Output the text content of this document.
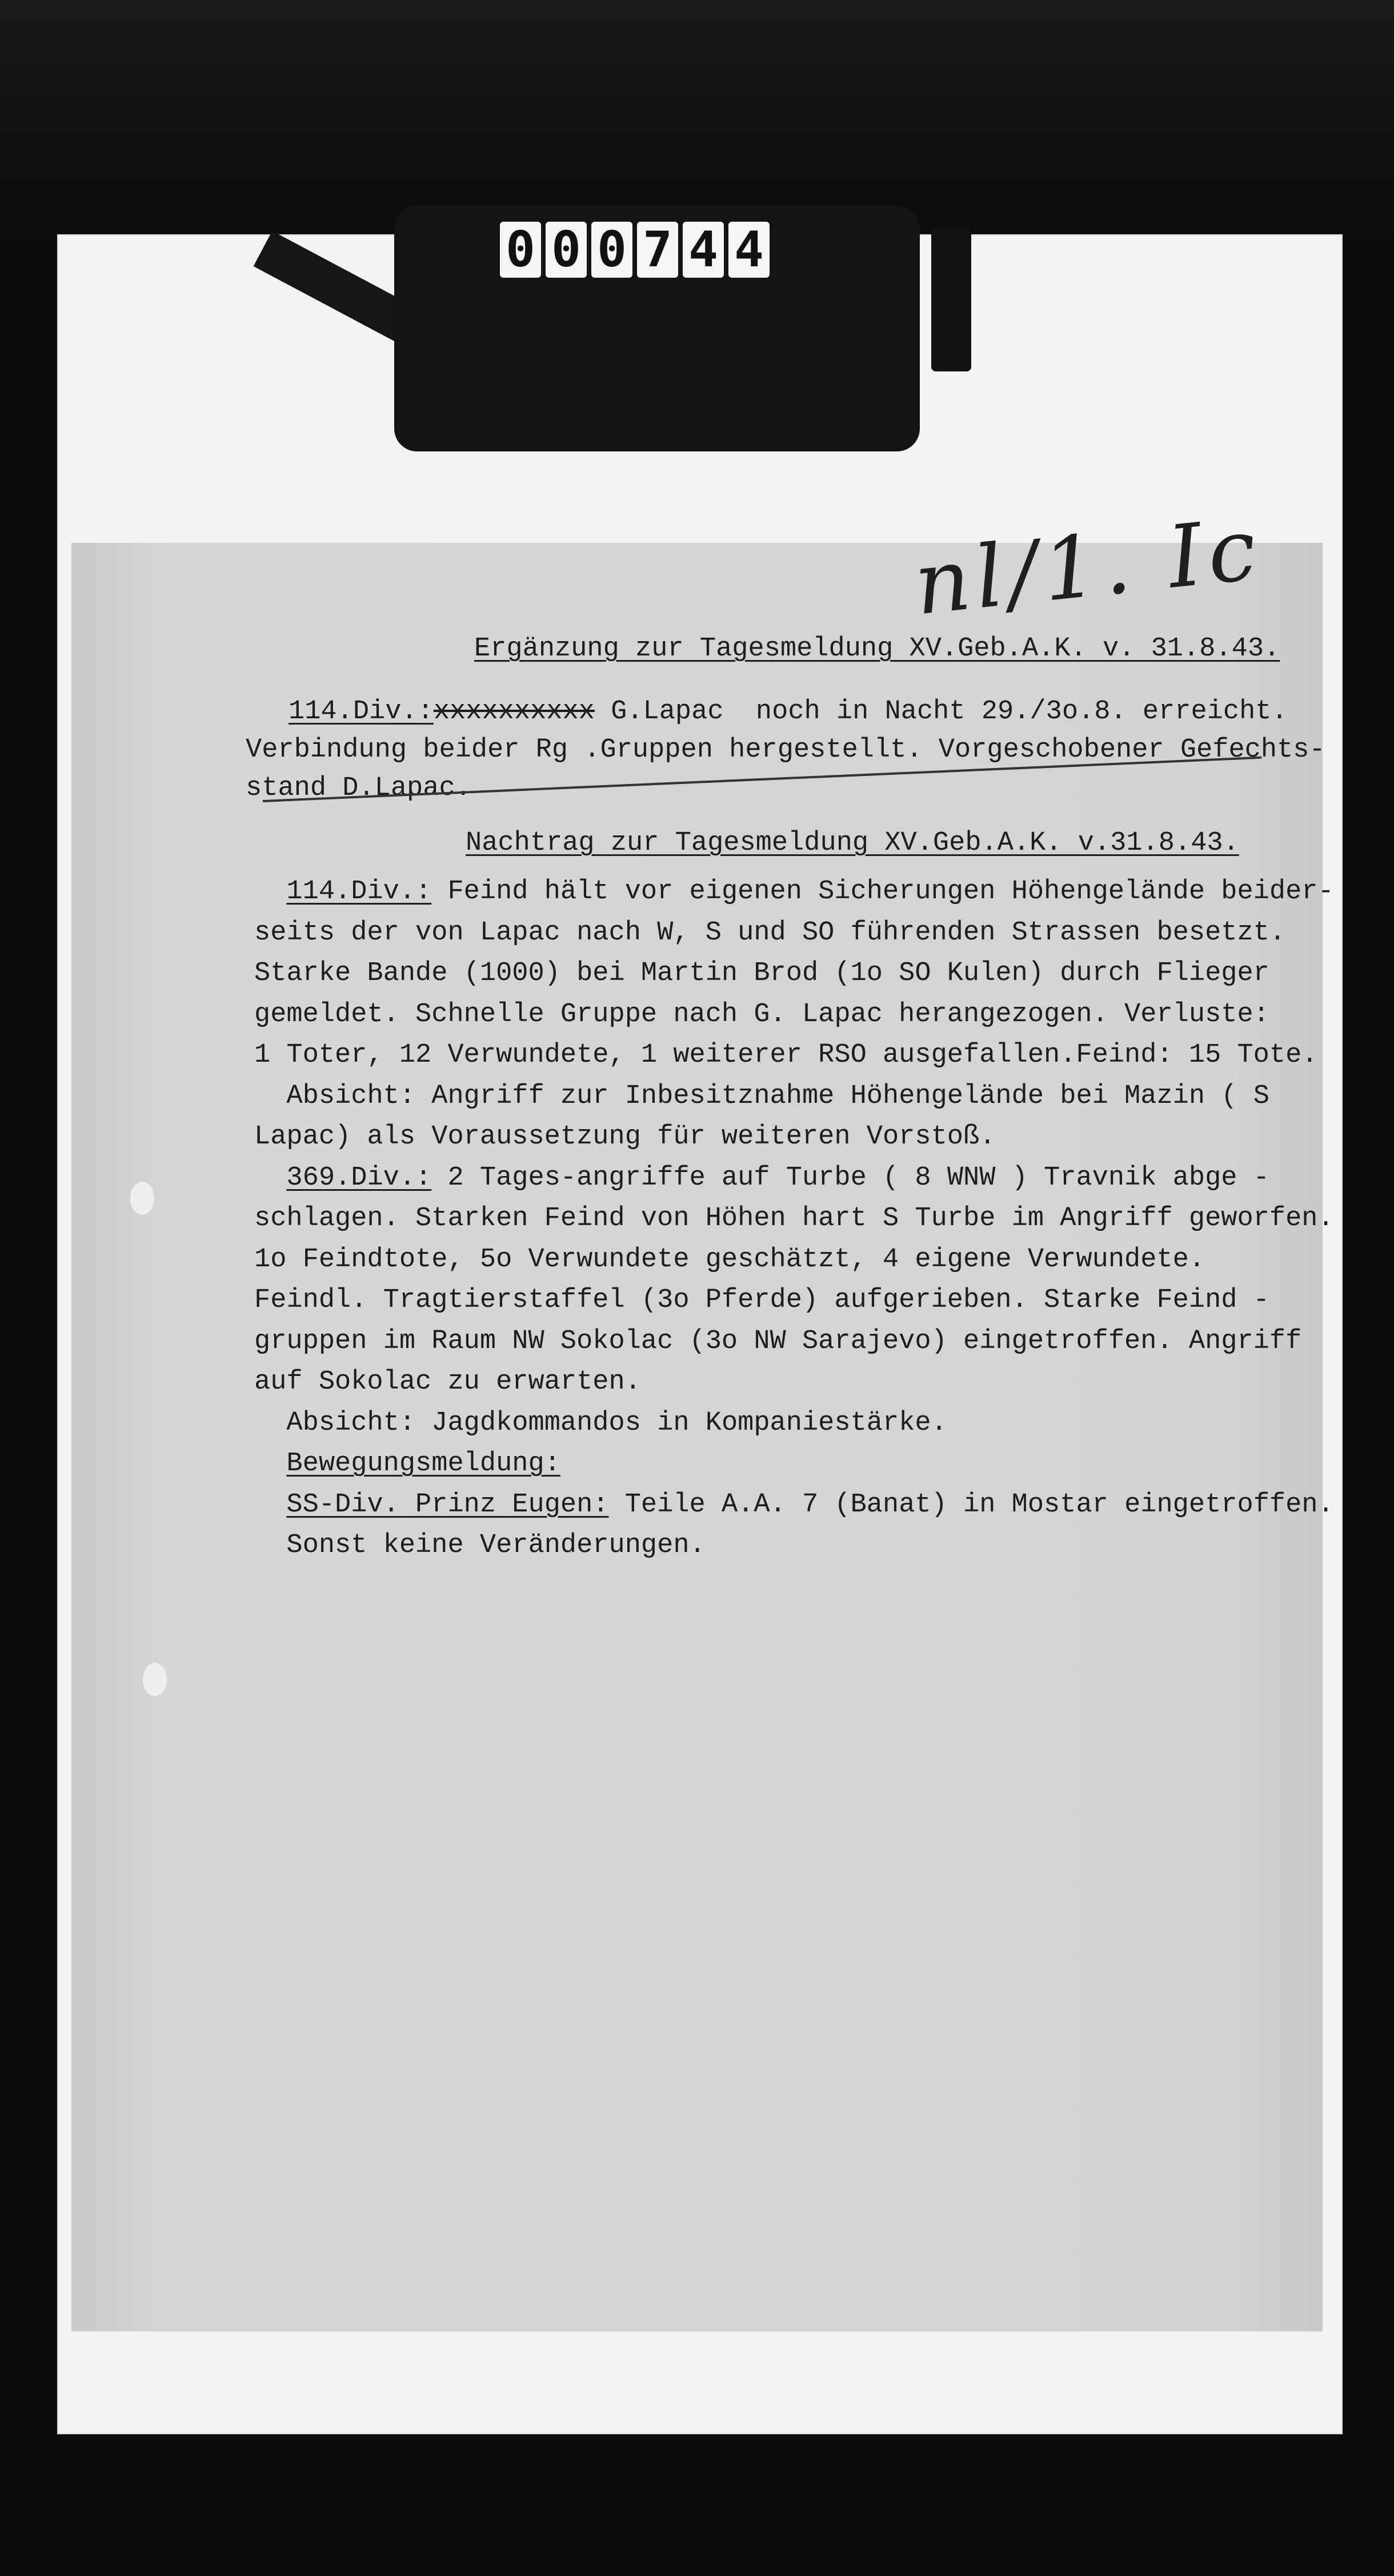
0 0 0 7 4 4
nl/1. Ic
Ergänzung zur Tagesmeldung XV.Geb.A.K. v. 31.8.43.
114.Div.:xxxxxxxxxx G.Lapac  noch in Nacht 29./3o.8. erreicht.
Verbindung beider Rg .Gruppen hergestellt. Vorgeschobener Gefechts-
stand D.Lapac.
Nachtrag zur Tagesmeldung XV.Geb.A.K. v.31.8.43.
114.Div.: Feind hält vor eigenen Sicherungen Höhengelände beider-
seits der von Lapac nach W, S und SO führenden Strassen besetzt.
Starke Bande (1000) bei Martin Brod (1o SO Kulen) durch Flieger
gemeldet. Schnelle Gruppe nach G. Lapac herangezogen. Verluste:
1 Toter, 12 Verwundete, 1 weiterer RSO ausgefallen.Feind: 15 Tote.
Absicht: Angriff zur Inbesitznahme Höhengelände bei Mazin ( S
Lapac) als Voraussetzung für weiteren Vorstoß.
369.Div.: 2 Tages-angriffe auf Turbe ( 8 WNW ) Travnik abge -
schlagen. Starken Feind von Höhen hart S Turbe im Angriff geworfen.
1o Feindtote, 5o Verwundete geschätzt, 4 eigene Verwundete.
Feindl. Tragtierstaffel (3o Pferde) aufgerieben. Starke Feind -
gruppen im Raum NW Sokolac (3o NW Sarajevo) eingetroffen. Angriff
auf Sokolac zu erwarten.
Absicht: Jagdkommandos in Kompaniestärke.
Bewegungsmeldung:
SS-Div. Prinz Eugen: Teile A.A. 7 (Banat) in Mostar eingetroffen.
Sonst keine Veränderungen.
